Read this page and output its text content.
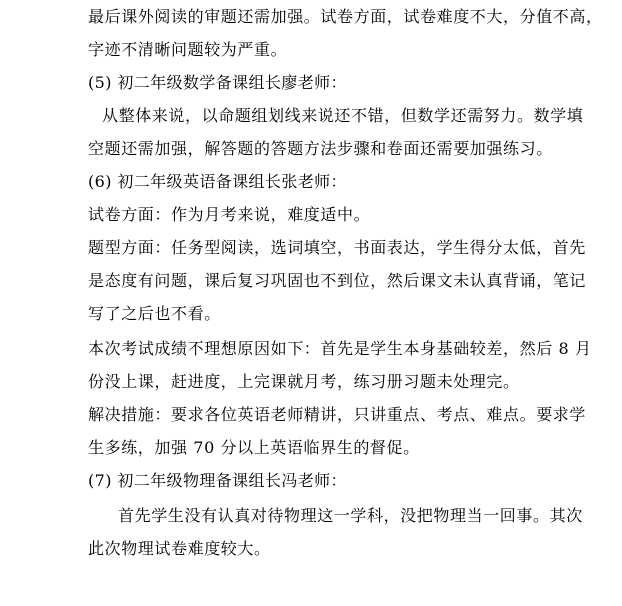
最后课外阅读的审题还需加强。试卷方面，试卷难度不大，分值不高，
字迹不清晰问题较为严重。
(5) 初二年级数学备课组长廖老师：
从整体来说，以命题组划线来说还不错，但数学还需努力。数学填
空题还需加强，解答题的答题方法步骤和卷面还需要加强练习。
(6) 初二年级英语备课组长张老师：
试卷方面：作为月考来说，难度适中。
题型方面：任务型阅读，选词填空，书面表达，学生得分太低，首先
是态度有问题，课后复习巩固也不到位，然后课文未认真背诵，笔记
写了之后也不看。
本次考试成绩不理想原因如下：首先是学生本身基础较差，然后 8 月
份没上课，赶进度，上完课就月考，练习册习题未处理完。
解决措施：要求各位英语老师精讲，只讲重点、考点、难点。要求学
生多练，加强 70 分以上英语临界生的督促。
(7) 初二年级物理备课组长冯老师：
首先学生没有认真对待物理这一学科，没把物理当一回事。其次
此次物理试卷难度较大。
